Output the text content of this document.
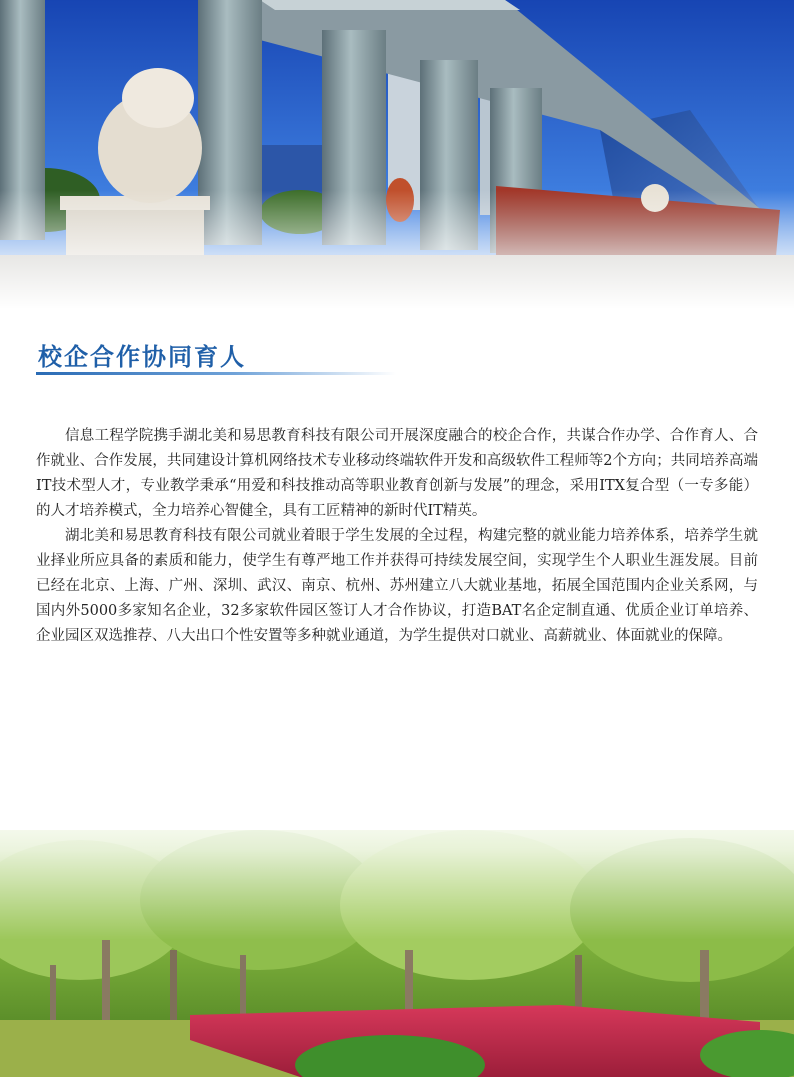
校企合作协同育人

信息工程学院携手湖北美和易思教育科技有限公司开展深度融合的校企合作，共谋合作办学、合作育人、合作就业、合作发展，共同建设计算机网络技术专业移动终端软件开发和高级软件工程师等2个方向；共同培养高端IT技术型人才，专业教学秉承“用爱和科技推动高等职业教育创新与发展”的理念，采用ITX复合型（一专多能）的人才培养模式，全力培养心智健全，具有工匠精神的新时代IT精英。

湖北美和易思教育科技有限公司就业着眼于学生发展的全过程，构建完整的就业能力培养体系，培养学生就业择业所应具备的素质和能力，使学生有尊严地工作并获得可持续发展空间，实现学生个人职业生涯发展。目前已经在北京、上海、广州、深圳、武汉、南京、杭州、苏州建立八大就业基地，拓展全国范围内企业关系网，与国内外5000多家知名企业，32多家软件园区签订人才合作协议，打造BAT名企定制直通、优质企业订单培养、企业园区双选推荐、八大出口个性安置等多种就业通道，为学生提供对口就业、高薪就业、体面就业的保障。
